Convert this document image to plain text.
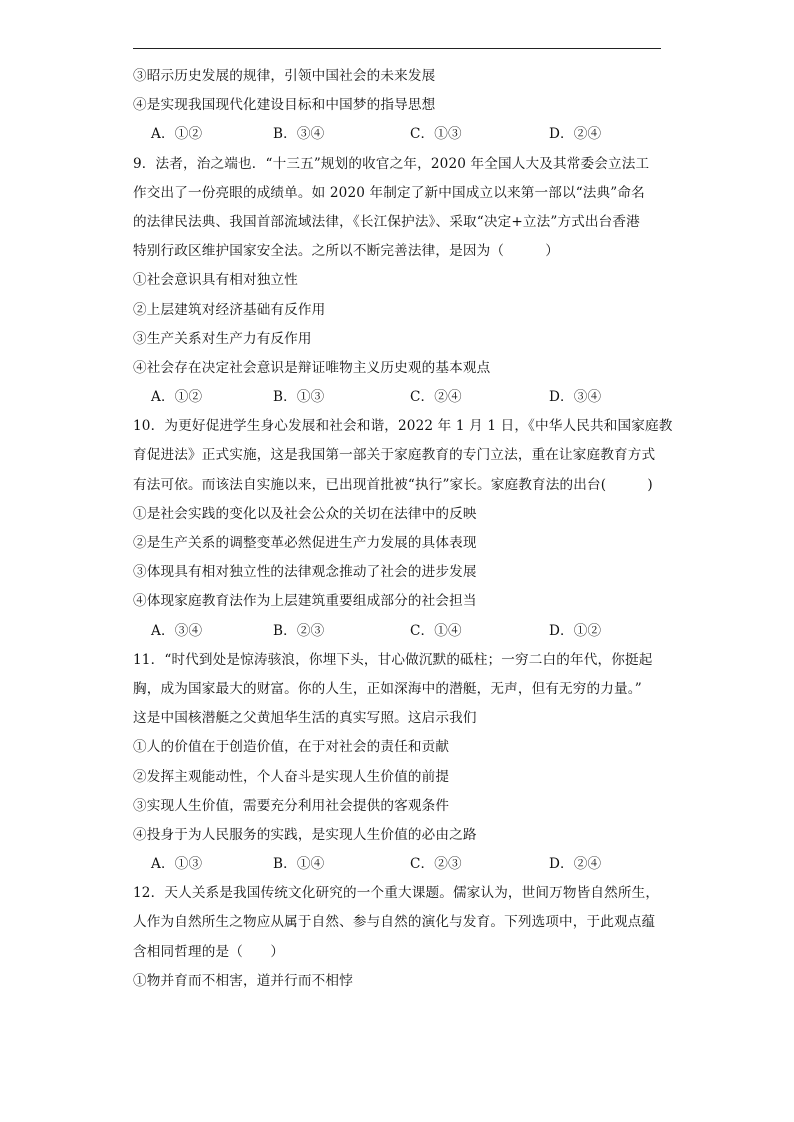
③昭示历史发展的规律，引领中国社会的未来发展
④是实现我国现代化建设目标和中国梦的指导思想
A．①②	B．③④	C．①③	D．②④
9．法者，治之端也．“十三五”规划的收官之年，2020 年全国人大及其常委会立法工
作交出了一份亮眼的成绩单。如 2020 年制定了新中国成立以来第一部以“法典”命名
的法律民法典、我国首部流域法律，《长江保护法》、采取“决定+立法”方式出台香港
特别行政区维护国家安全法。之所以不断完善法律，是因为（　　　）
①社会意识具有相对独立性
②上层建筑对经济基础有反作用
③生产关系对生产力有反作用
④社会存在决定社会意识是辩证唯物主义历史观的基本观点
A．①②	B．①③	C．②④	D．③④
10．为更好促进学生身心发展和社会和谐，2022 年 1 月 1 日，《中华人民共和国家庭教
育促进法》正式实施，这是我国第一部关于家庭教育的专门立法，重在让家庭教育方式
有法可依。而该法自实施以来，已出现首批被“执行”家长。家庭教育法的出台(　　　)
①是社会实践的变化以及社会公众的关切在法律中的反映
②是生产关系的调整变革必然促进生产力发展的具体表现
③体现具有相对独立性的法律观念推动了社会的进步发展
④体现家庭教育法作为上层建筑重要组成部分的社会担当
A．③④	B．②③	C．①④	D．①②
11．“时代到处是惊涛骇浪，你埋下头，甘心做沉默的砥柱；一穷二白的年代，你挺起
胸，成为国家最大的财富。你的人生，正如深海中的潜艇，无声，但有无穷的力量。”
这是中国核潜艇之父黄旭华生活的真实写照。这启示我们
①人的价值在于创造价值，在于对社会的责任和贡献
②发挥主观能动性，个人奋斗是实现人生价值的前提
③实现人生价值，需要充分利用社会提供的客观条件
④投身于为人民服务的实践，是实现人生价值的必由之路
A．①③	B．①④	C．②③	D．②④
12．天人关系是我国传统文化研究的一个重大课题。儒家认为，世间万物皆自然所生，
人作为自然所生之物应从属于自然、参与自然的演化与发育。下列选项中，于此观点蕴
含相同哲理的是（　　）
①物并育而不相害，道并行而不相悖
